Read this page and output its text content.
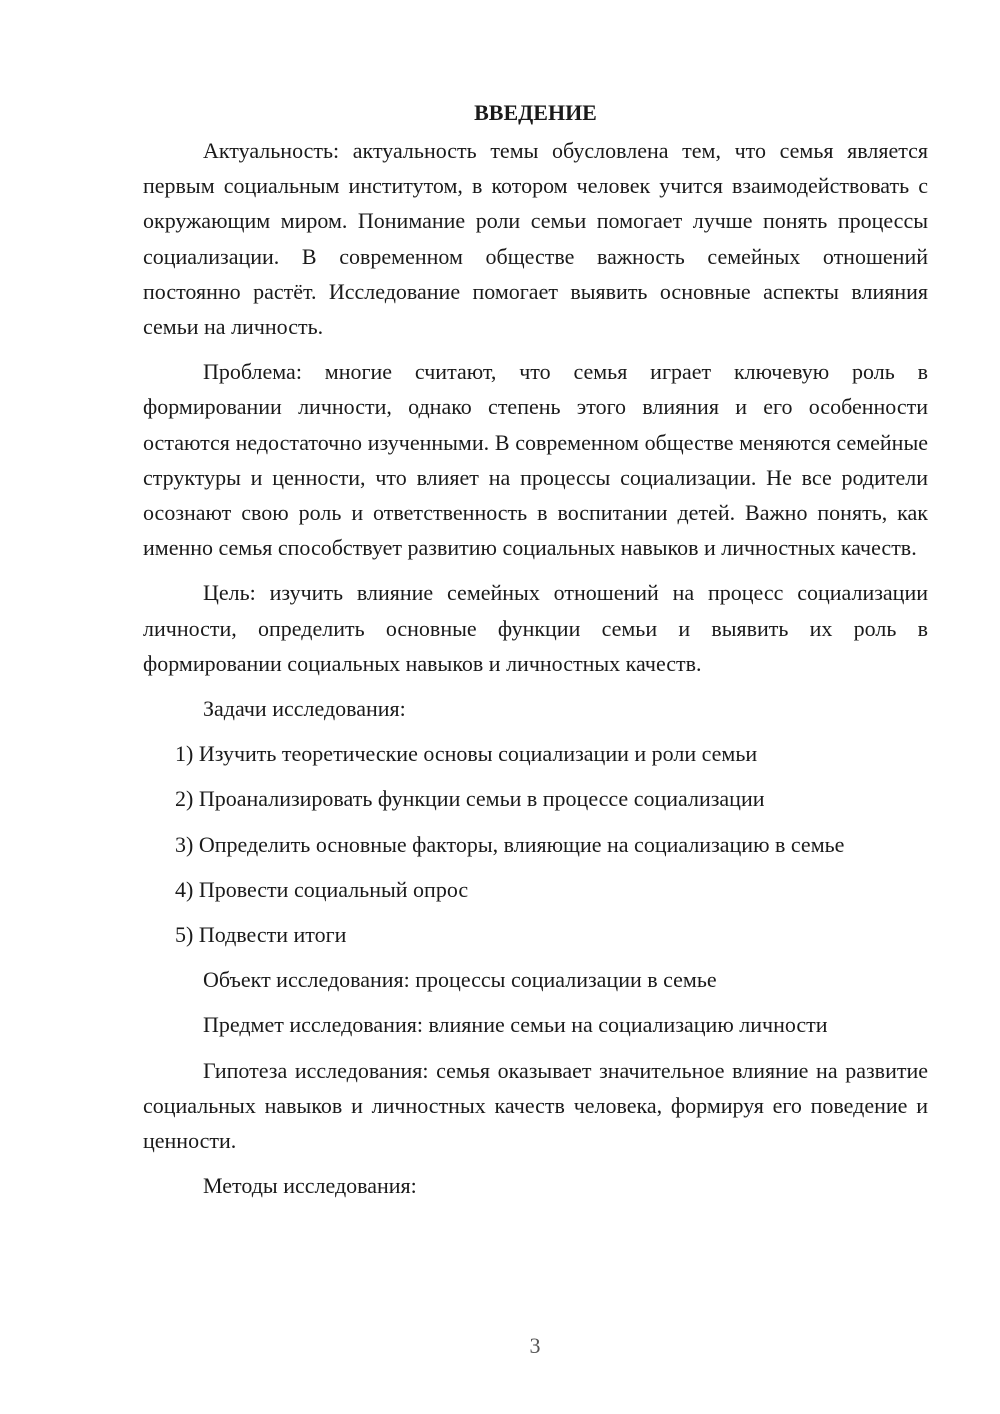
ВВЕДЕНИЕ

Актуальность: актуальность темы обусловлена тем, что семья является первым социальным институтом, в котором человек учится взаимодействовать с окружающим миром. Понимание роли семьи помогает лучше понять процессы социализации. В современном обществе важность семейных отношений постоянно растёт. Исследование помогает выявить основные аспекты влияния семьи на личность.

Проблема: многие считают, что семья играет ключевую роль в формировании личности, однако степень этого влияния и его особенности остаются недостаточно изученными. В современном обществе меняются семейные структуры и ценности, что влияет на процессы социализации. Не все родители осознают свою роль и ответственность в воспитании детей. Важно понять, как именно семья способствует развитию социальных навыков и личностных качеств.

Цель: изучить влияние семейных отношений на процесс социализации личности, определить основные функции семьи и выявить их роль в формировании социальных навыков и личностных качеств.

Задачи исследования:

1) Изучить теоретические основы социализации и роли семьи
2) Проанализировать функции семьи в процессе социализации
3) Определить основные факторы, влияющие на социализацию в семье
4) Провести социальный опрос
5) Подвести итоги

Объект исследования: процессы социализации в семье

Предмет исследования: влияние семьи на социализацию личности

Гипотеза исследования: семья оказывает значительное влияние на развитие социальных навыков и личностных качеств человека, формируя его поведение и ценности.

Методы исследования:

3
